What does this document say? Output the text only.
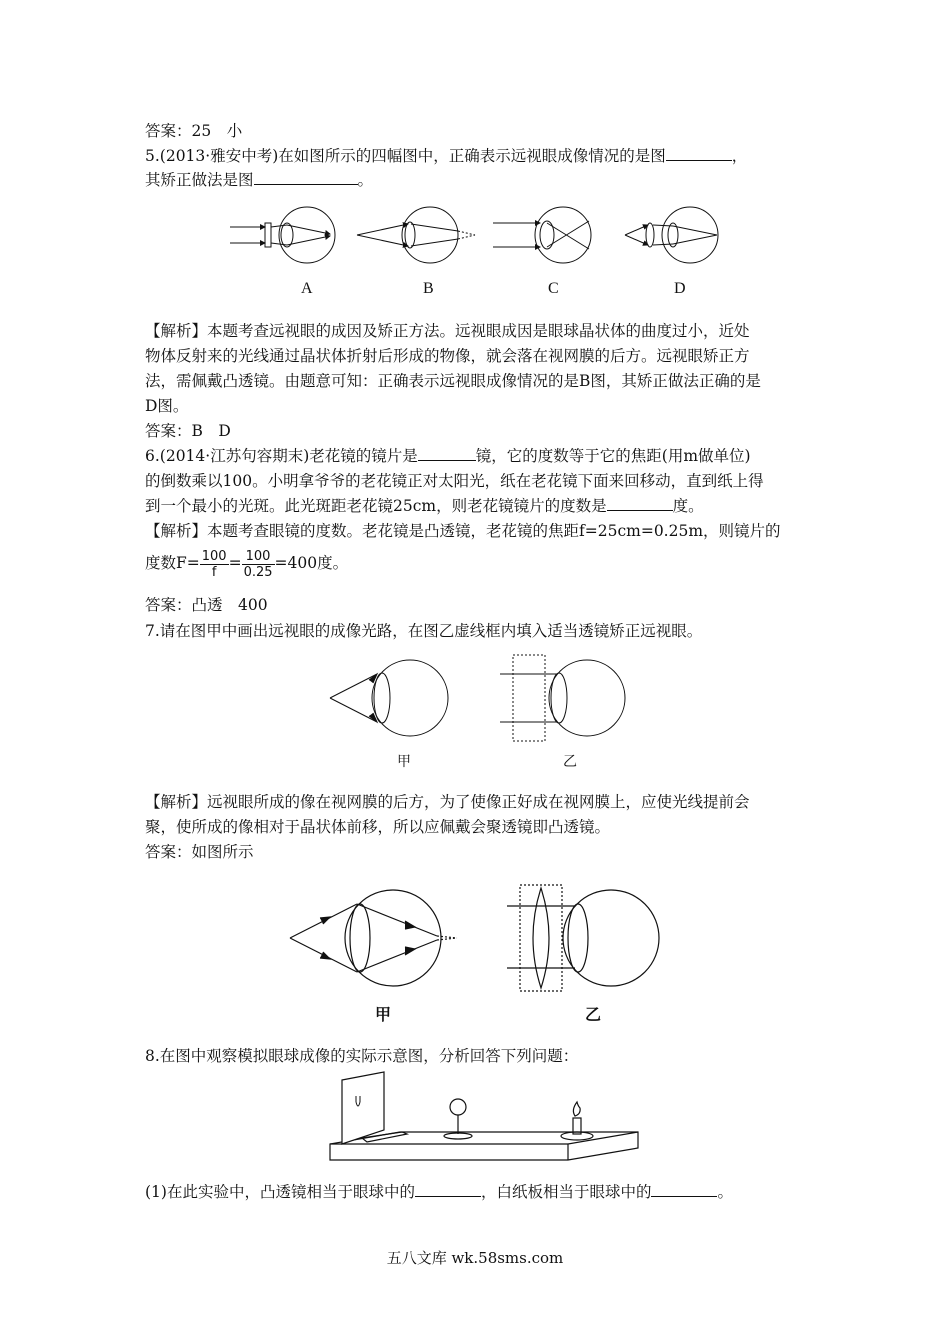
答案：25　小
5.(2013·雅安中考)在如图所示的四幅图中，正确表示远视眼成像情况的是图	，
其矫正做法是图	。
A	B	C	D
【解析】本题考查远视眼的成因及矫正方法。远视眼成因是眼球晶状体的曲度过小，近处
物体反射来的光线通过晶状体折射后形成的物像，就会落在视网膜的后方。远视眼矫正方
法，需佩戴凸透镜。由题意可知：正确表示远视眼成像情况的是B图，其矫正做法正确的是
D图。
答案：B　D
6.(2014·江苏句容期末)老花镜的镜片是	镜，它的度数等于它的焦距(用m做单位)
的倒数乘以100。小明拿爷爷的老花镜正对太阳光，纸在老花镜下面来回移动，直到纸上得
到一个最小的光斑。此光斑距老花镜25cm，则老花镜镜片的度数是	度。
【解析】本题考查眼镜的度数。老花镜是凸透镜，老花镜的焦距f=25cm=0.25m，则镜片的
度数$F= \frac{100}{f} = \frac{100}{0.25} =400$度。
答案：凸透　400
7.请在图甲中画出远视眼的成像光路，在图乙虚线框内填入适当透镜矫正远视眼。
甲	乙
【解析】远视眼所成的像在视网膜的后方，为了使像正好成在视网膜上，应使光线提前会
聚，使所成的像相对于晶状体前移，所以应佩戴会聚透镜即凸透镜。
答案：如图所示
甲	乙
8.在图中观察模拟眼球成像的实际示意图，分析回答下列问题：
(1)在此实验中，凸透镜相当于眼球中的	，白纸板相当于眼球中的	。
五八文库 wk.58sms.com
